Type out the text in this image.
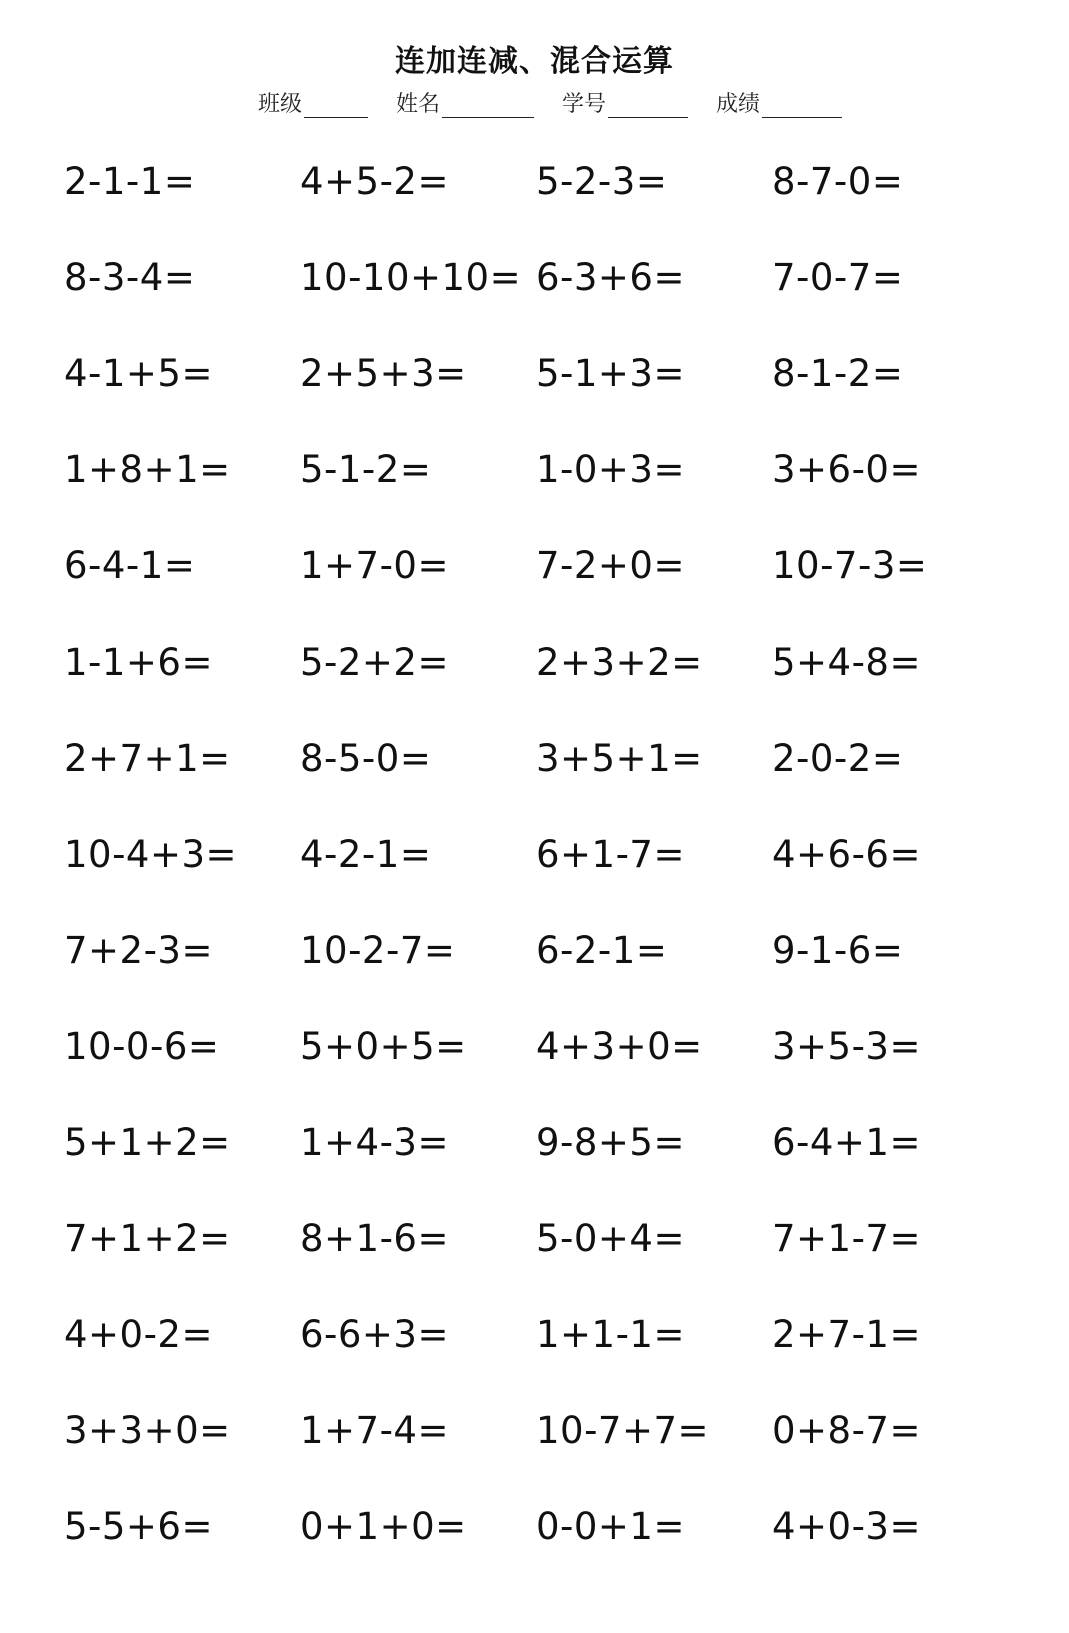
连加连减、混合运算
班级	姓名	学号	成绩
2-1-1=	4+5-2=	5-2-3=	8-7-0=
8-3-4=	10-10+10= 6-3+6=	7-0-7=
4-1+5=	2+5+3=	5-1+3=	8-1-2=
1+8+1=	5-1-2=	1-0+3=	3+6-0=
6-4-1=	1+7-0=	7-2+0=	10-7-3=
1-1+6=	5-2+2=	2+3+2=	5+4-8=
2+7+1=	8-5-0=	3+5+1=	2-0-2=
10-4+3=	4-2-1=	6+1-7=	4+6-6=
7+2-3=	10-2-7=	6-2-1=	9-1-6=
10-0-6=	5+0+5=	4+3+0=	3+5-3=
5+1+2=	1+4-3=	9-8+5=	6-4+1=
7+1+2=	8+1-6=	5-0+4=	7+1-7=
4+0-2=	6-6+3=	1+1-1=	2+7-1=
3+3+0=	1+7-4=	10-7+7=	0+8-7=
5-5+6=	0+1+0=	0-0+1=	4+0-3=
